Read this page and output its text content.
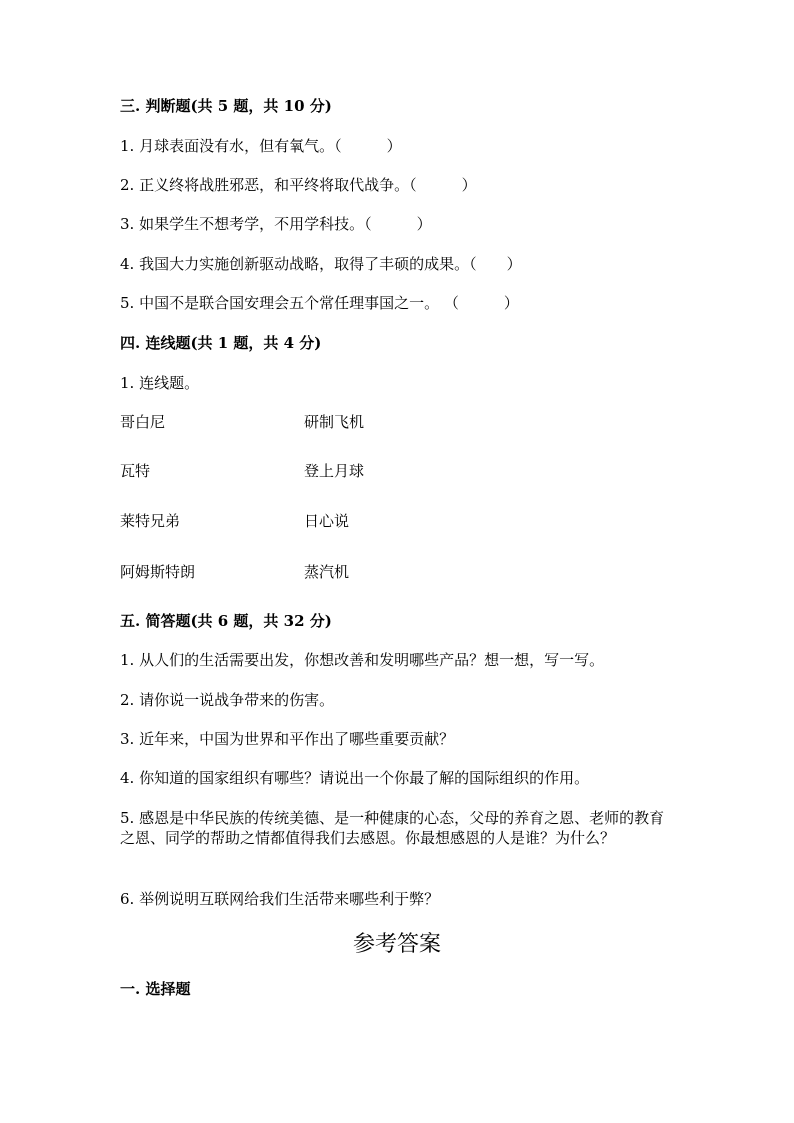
三. 判断题(共 5 题，共 10 分)
1. 月球表面没有水，但有氧气。（　　　）
2. 正义终将战胜邪恶，和平终将取代战争。（　　　）
3. 如果学生不想考学，不用学科技。（　　　）
4. 我国大力实施创新驱动战略，取得了丰硕的成果。（　　）
5. 中国不是联合国安理会五个常任理事国之一。 （　　　）
四. 连线题(共 1 题，共 4 分)
1. 连线题。
哥白尼	研制飞机
瓦特	登上月球
莱特兄弟	日心说
阿姆斯特朗	蒸汽机
五. 简答题(共 6 题，共 32 分)
1. 从人们的生活需要出发，你想改善和发明哪些产品？想一想，写一写。
2. 请你说一说战争带来的伤害。
3. 近年来，中国为世界和平作出了哪些重要贡献？
4. 你知道的国家组织有哪些？请说出一个你最了解的国际组织的作用。
5. 感恩是中华民族的传统美德、是一种健康的心态，父母的养育之恩、老师的教育之恩、同学的帮助之情都值得我们去感恩。你最想感恩的人是谁？为什么？
6. 举例说明互联网给我们生活带来哪些利于弊？
参考答案
一. 选择题
